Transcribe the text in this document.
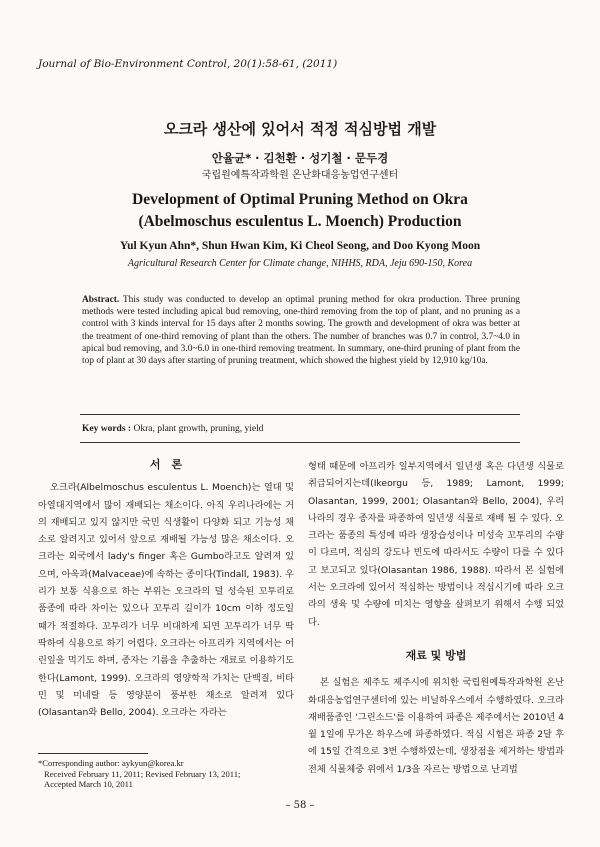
Journal of Bio-Environment Control, 20(1):58-61, (2011)
오크라 생산에 있어서 적정 적심방법 개발
안율균* · 김천환 · 성기철 · 문두경
국립원예특작과학원 온난화대응농업연구센터
Development of Optimal Pruning Method on Okra
(Abelmoschus esculentus L. Moench) Production
Yul Kyun Ahn*, Shun Hwan Kim, Ki Cheol Seong, and Doo Kyong Moon
Agricultural Research Center for Climate change, NIHHS, RDA, Jeju 690-150, Korea
Abstract. This study was conducted to develop an optimal pruning method for okra production. Three pruning methods were tested including apical bud removing, one-third removing from the top of plant, and no pruning as a control with 3 kinds interval for 15 days after 2 months sowing. The growth and development of okra was better at the treatment of one-third removing of plant than the others. The number of branches was 0.7 in control, 3.7~4.0 in apical bud removing, and 3.0~6.0 in one-third removing treatment. In summary, one-third pruning of plant from the top of plant at 30 days after starting of pruning treatment, which showed the highest yield by 12,910 kg/10a.
Key words : Okra, plant growth, pruning, yield
서　론

오크라(Albelmoschus esculentus L. Moench)는 열대 및 아열대지역에서 많이 재배되는 채소이다. 아직 우리나라에는 거의 재배되고 있지 않지만 국민 식생활이 다양화 되고 기능성 채소로 알려지고 있어서 앞으로 재배될 가능성 많은 채소이다. 오크라는 외국에서 lady's finger 혹은 Gumbo라고도 알려져 있으며, 아욱과(Malvaceae)에 속하는 종이다(Tindall, 1983). 우리가 보통 식용으로 하는 부위는 오크라의 덜 성숙된 꼬투리로 품종에 따라 차이는 있으나 꼬투리 길이가 10cm 이하 정도일 때가 적절하다. 꼬투리가 너무 비대하게 되면 꼬투리가 너무 딱딱하여 식용으로 하기 어렵다. 오크라는 아프리카 지역에서는 어린잎을 먹기도 하며, 종자는 기름을 추출하는 재료로 이용하기도 한다(Lamont, 1999). 오크라의 영양학적 가치는 단백질, 비타민 및 미네랄 등 영양분이 풍부한 채소로 알려져 있다(Olasantan와 Bello, 2004). 오크라는 자라는

형태 때문에 아프리카 일부지역에서 일년생 혹은 다년생 식물로 취급되어지는데(Ikeorgu 등, 1989; Lamont, 1999; Olasantan, 1999, 2001; Olasantan와 Bello, 2004), 우리나라의 경우 종자를 파종하여 일년생 식물로 재배 될 수 있다. 오크라는 품종의 특성에 따라 생장습성이나 미성숙 꼬투리의 수량이 다르며, 적심의 강도나 빈도에 따라서도 수량이 다를 수 있다고 보고되고 있다(Olasantan 1986, 1988). 따라서 본 실험에서는 오크라에 있어서 적심하는 방법이나 적심시기에 따라 오크라의 생육 및 수량에 미치는 영향을 살펴보기 위해서 수행 되었다.

재료 및 방법

본 실험은 제주도 제주시에 위치한 국립원예특작과학원 온난화대응농업연구센터에 있는 비닐하우스에서 수행하였다. 오크라 재배품종인 '그린소드'를 이용하여 파종은 제주에서는 2010년 4월 1일에 무가온 하우스에 파종하였다. 적심 시험은 파종 2달 후에 15일 간격으로 3번 수행하였는데, 생장점을 제거하는 방법과 전체 식물체중 위에서 1/3을 자르는 방법으로 난괴법

*Corresponding author: aykyun@korea.kr
Received February 11, 2011; Revised February 13, 2011;
Accepted March 10, 2011
– 58 –
